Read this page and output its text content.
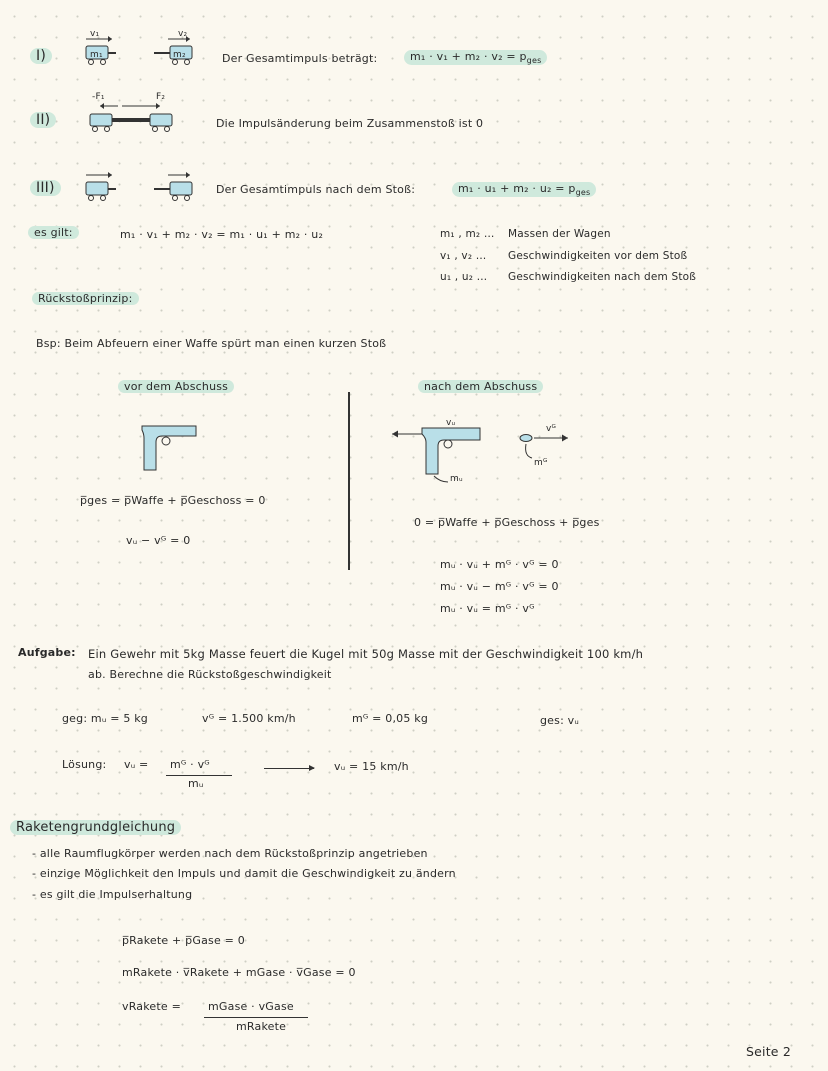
I)
II)
III)
v₁	v₂
m₁	m₂	Der Gesamtimpuls beträgt:	$m_1 \cdot v_1 + m_2 \cdot v_2 = p_{ges}$
-F₁	F₂
Die Impulsänderung beim Zusammenstoß ist 0
Der Gesamtimpuls nach dem Stoß:	$m_1 \cdot u_1 + m_2 \cdot u_2 = p_{ges}$
es gilt:	m₁ · v₁ + m₂ · v₂ = m₁ · u₁ + m₂ · u₂	m₁ , m₂ … Massen der Wagen
v₁ , v₂ … Geschwindigkeiten vor dem Stoß
u₁ , u₂ … Geschwindigkeiten nach dem Stoß
Rückstoßprinzip:
Bsp: Beim Abfeuern einer Waffe spürt man einen kurzen Stoß
vor dem Abschuss	nach dem Abschuss
vᵤ
vᴳ
mᵤ
mᴳ
p̅ges = p̅Waffe + p̅Geschoss = 0
vᵤ − vᴳ = 0
0 = p̅Waffe + p̅Geschoss + p̅ges
mᵤ · vᵤ + mᴳ · vᴳ = 0
mᵤ · vᵤ − mᴳ · vᴳ = 0
mᵤ · vᵤ = mᴳ · vᴳ
Aufgabe: Ein Gewehr mit 5kg Masse feuert die Kugel mit 50g Masse mit der Geschwindigkeit 100 km/h
ab. Berechne die Rückstoßgeschwindigkeit
geg: mᵤ = 5 kg	vᴳ = 1.500 km/h	mᴳ = 0,05 kg	ges: vᵤ
Lösung: vᵤ = mᴳ · vᴳ
mᵤ
vᵤ = 15 km/h
Raketengrundgleichung
- alle Raumflugkörper werden nach dem Rückstoßprinzip angetrieben
- einzige Möglichkeit den Impuls und damit die Geschwindigkeit zu ändern
- es gilt die Impulserhaltung
p̅Rakete + p̅Gase = 0
mRakete · v̅Rakete + mGase · v̅Gase = 0
vRakete = mGase · vGase
mRakete
Seite 2
